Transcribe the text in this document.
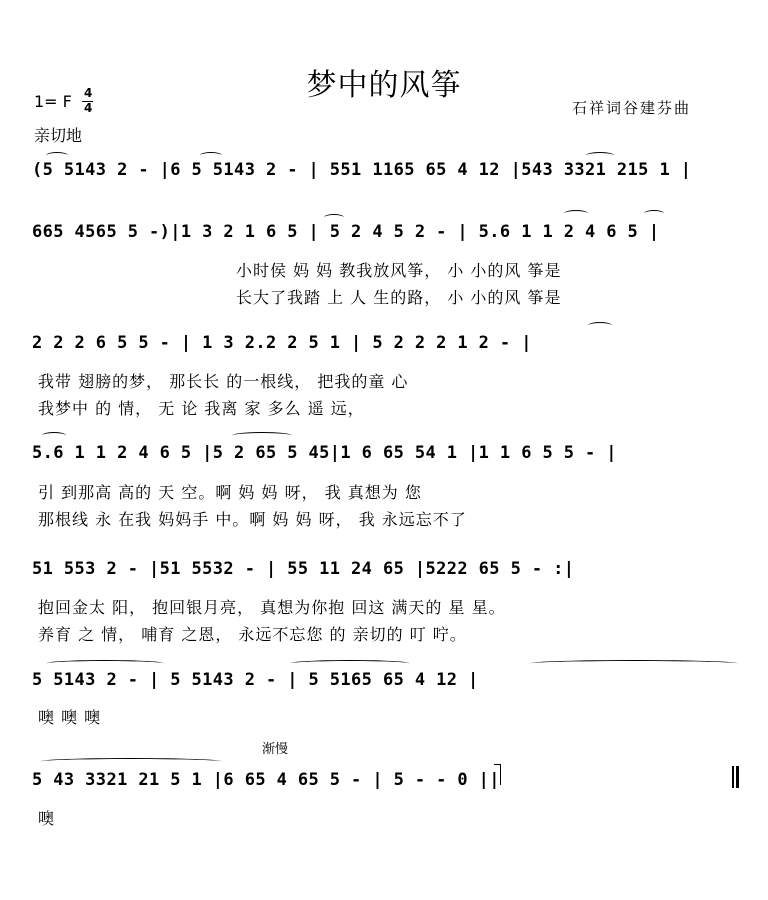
梦中的风筝
石祥词谷建芬曲
1= F 4
4
亲切地
(5 5143 2 - |6 5 5143 2 - | 551 1165 65 4 12 |543 3321 215 1 |
665 4565 5 -)|1 3 2 1 6 5 | 5 2 4 5 2 - | 5.6 1 1 2 4 6 5 |
小时侯 妈 妈 教我放风筝， 小 小的风 筝是
长大了我踏 上 人 生的路， 小 小的风 筝是
2 2 2 6 5 5 - | 1 3 2.2 2 5 1 | 5 2 2 2 1 2 - |
我带 翅膀的梦， 那长长 的一根线， 把我的童 心
我梦中 的 情， 无 论 我离 家 多么 遥 远，
5.6 1 1 2 4 6 5 |5 2 65 5 45|1 6 65 54 1 |1 1 6 5 5 - |
引 到那高 高的 天 空。啊 妈 妈 呀， 我 真想为 您
那根线 永 在我 妈妈手 中。啊 妈 妈 呀， 我 永远忘不了
51 553 2 - |51 5532 - | 55 11 24 65 |5222 65 5 - :|
抱回金太 阳， 抱回银月亮， 真想为你抱 回这 满天的 星 星。
养育 之 情， 哺育 之恩， 永远不忘您 的 亲切的 叮 咛。
5 5143 2 - | 5 5143 2 - | 5 5165 65 4 12 |
噢 噢 噢
渐慢
5 43 3321 21 5 1 |6 65 4 65 5 - | 5 - - 0 ||
噢
